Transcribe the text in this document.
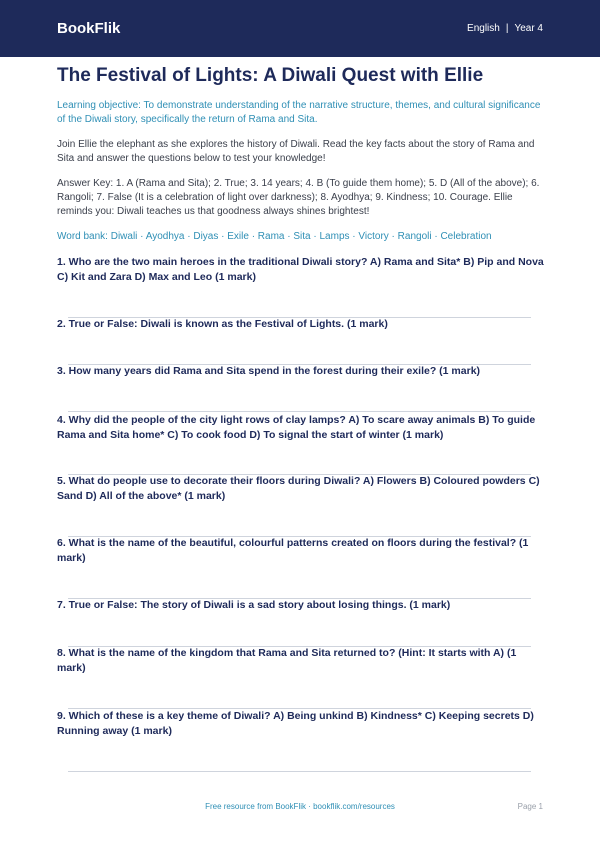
BookFlik	English | Year 4
The Festival of Lights: A Diwali Quest with Ellie
Learning objective: To demonstrate understanding of the narrative structure, themes, and cultural significance of the Diwali story, specifically the return of Rama and Sita.
Join Ellie the elephant as she explores the history of Diwali. Read the key facts about the story of Rama and Sita and answer the questions below to test your knowledge!
Answer Key: 1. A (Rama and Sita); 2. True; 3. 14 years; 4. B (To guide them home); 5. D (All of the above); 6. Rangoli; 7. False (It is a celebration of light over darkness); 8. Ayodhya; 9. Kindness; 10. Courage. Ellie reminds you: Diwali teaches us that goodness always shines brightest!
Word bank: Diwali · Ayodhya · Diyas · Exile · Rama · Sita · Lamps · Victory · Rangoli · Celebration
1. Who are the two main heroes in the traditional Diwali story? A) Rama and Sita* B) Pip and Nova C) Kit and Zara D) Max and Leo (1 mark)
2. True or False: Diwali is known as the Festival of Lights. (1 mark)
3. How many years did Rama and Sita spend in the forest during their exile? (1 mark)
4. Why did the people of the city light rows of clay lamps? A) To scare away animals B) To guide Rama and Sita home* C) To cook food D) To signal the start of winter (1 mark)
5. What do people use to decorate their floors during Diwali? A) Flowers B) Coloured powders C) Sand D) All of the above* (1 mark)
6. What is the name of the beautiful, colourful patterns created on floors during the festival? (1 mark)
7. True or False: The story of Diwali is a sad story about losing things. (1 mark)
8. What is the name of the kingdom that Rama and Sita returned to? (Hint: It starts with A) (1 mark)
9. Which of these is a key theme of Diwali? A) Being unkind B) Kindness* C) Keeping secrets D) Running away (1 mark)
Free resource from BookFlik · bookflik.com/resources	Page 1
